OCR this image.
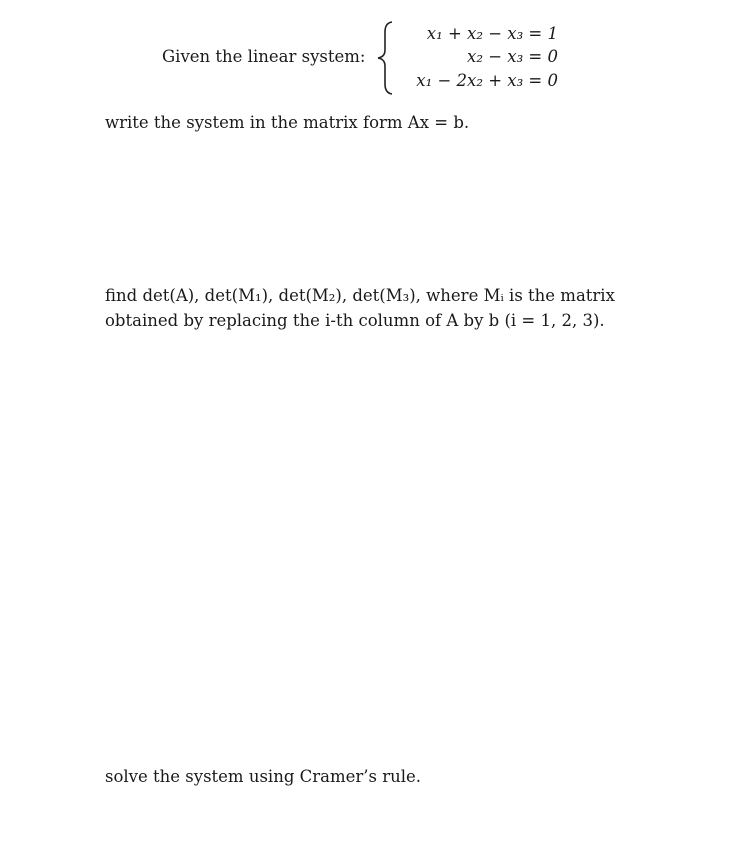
Given the linear system:
x₁ + x₂ − x₃ = 1
x₂ − x₃ = 0
x₁ − 2x₂ + x₃ = 0
write the system in the matrix form Ax = b.
find det(A), det(M₁), det(M₂), det(M₃), where Mᵢ is the matrix
obtained by replacing the i-th column of A by b (i = 1, 2, 3).
solve the system using Cramer’s rule.
